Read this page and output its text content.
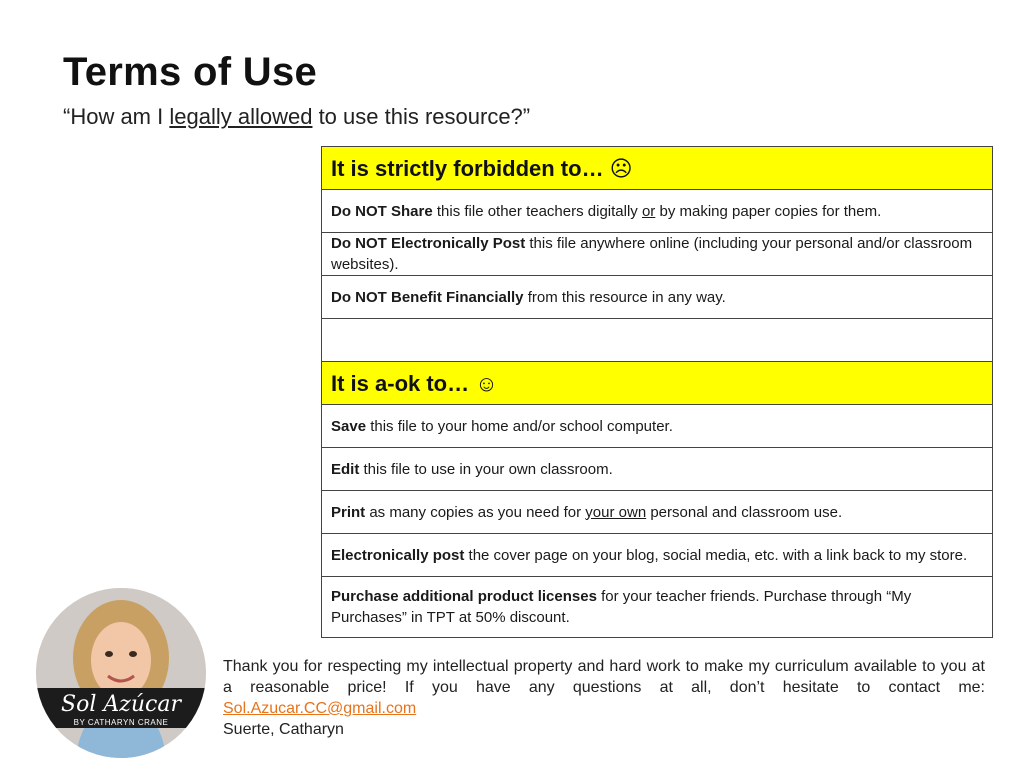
Terms of Use
“How am I legally allowed to use this resource?”
It is strictly forbidden to… ☹
Do NOT Share this file other teachers digitally or by making paper copies for them.
Do NOT Electronically Post this file anywhere online (including your personal and/or classroom websites).
Do NOT Benefit Financially from this resource in any way.

It is a-ok to… ☺
Save this file to your home and/or school computer.
Edit this file to use in your own classroom.
Print as many copies as you need for your own personal and classroom use.
Electronically post the cover page on your blog, social media, etc. with a link back to my store.
Purchase additional product licenses for your teacher friends. Purchase through “My Purchases” in TPT at 50% discount.
Sol Azúcar
BY CATHARYN CRANE
Thank you for respecting my intellectual property and hard work to make my curriculum available to you at a reasonable price! If you have any questions at all, don’t hesitate to contact me: Sol.Azucar.CC@gmail.com
Suerte, Catharyn
